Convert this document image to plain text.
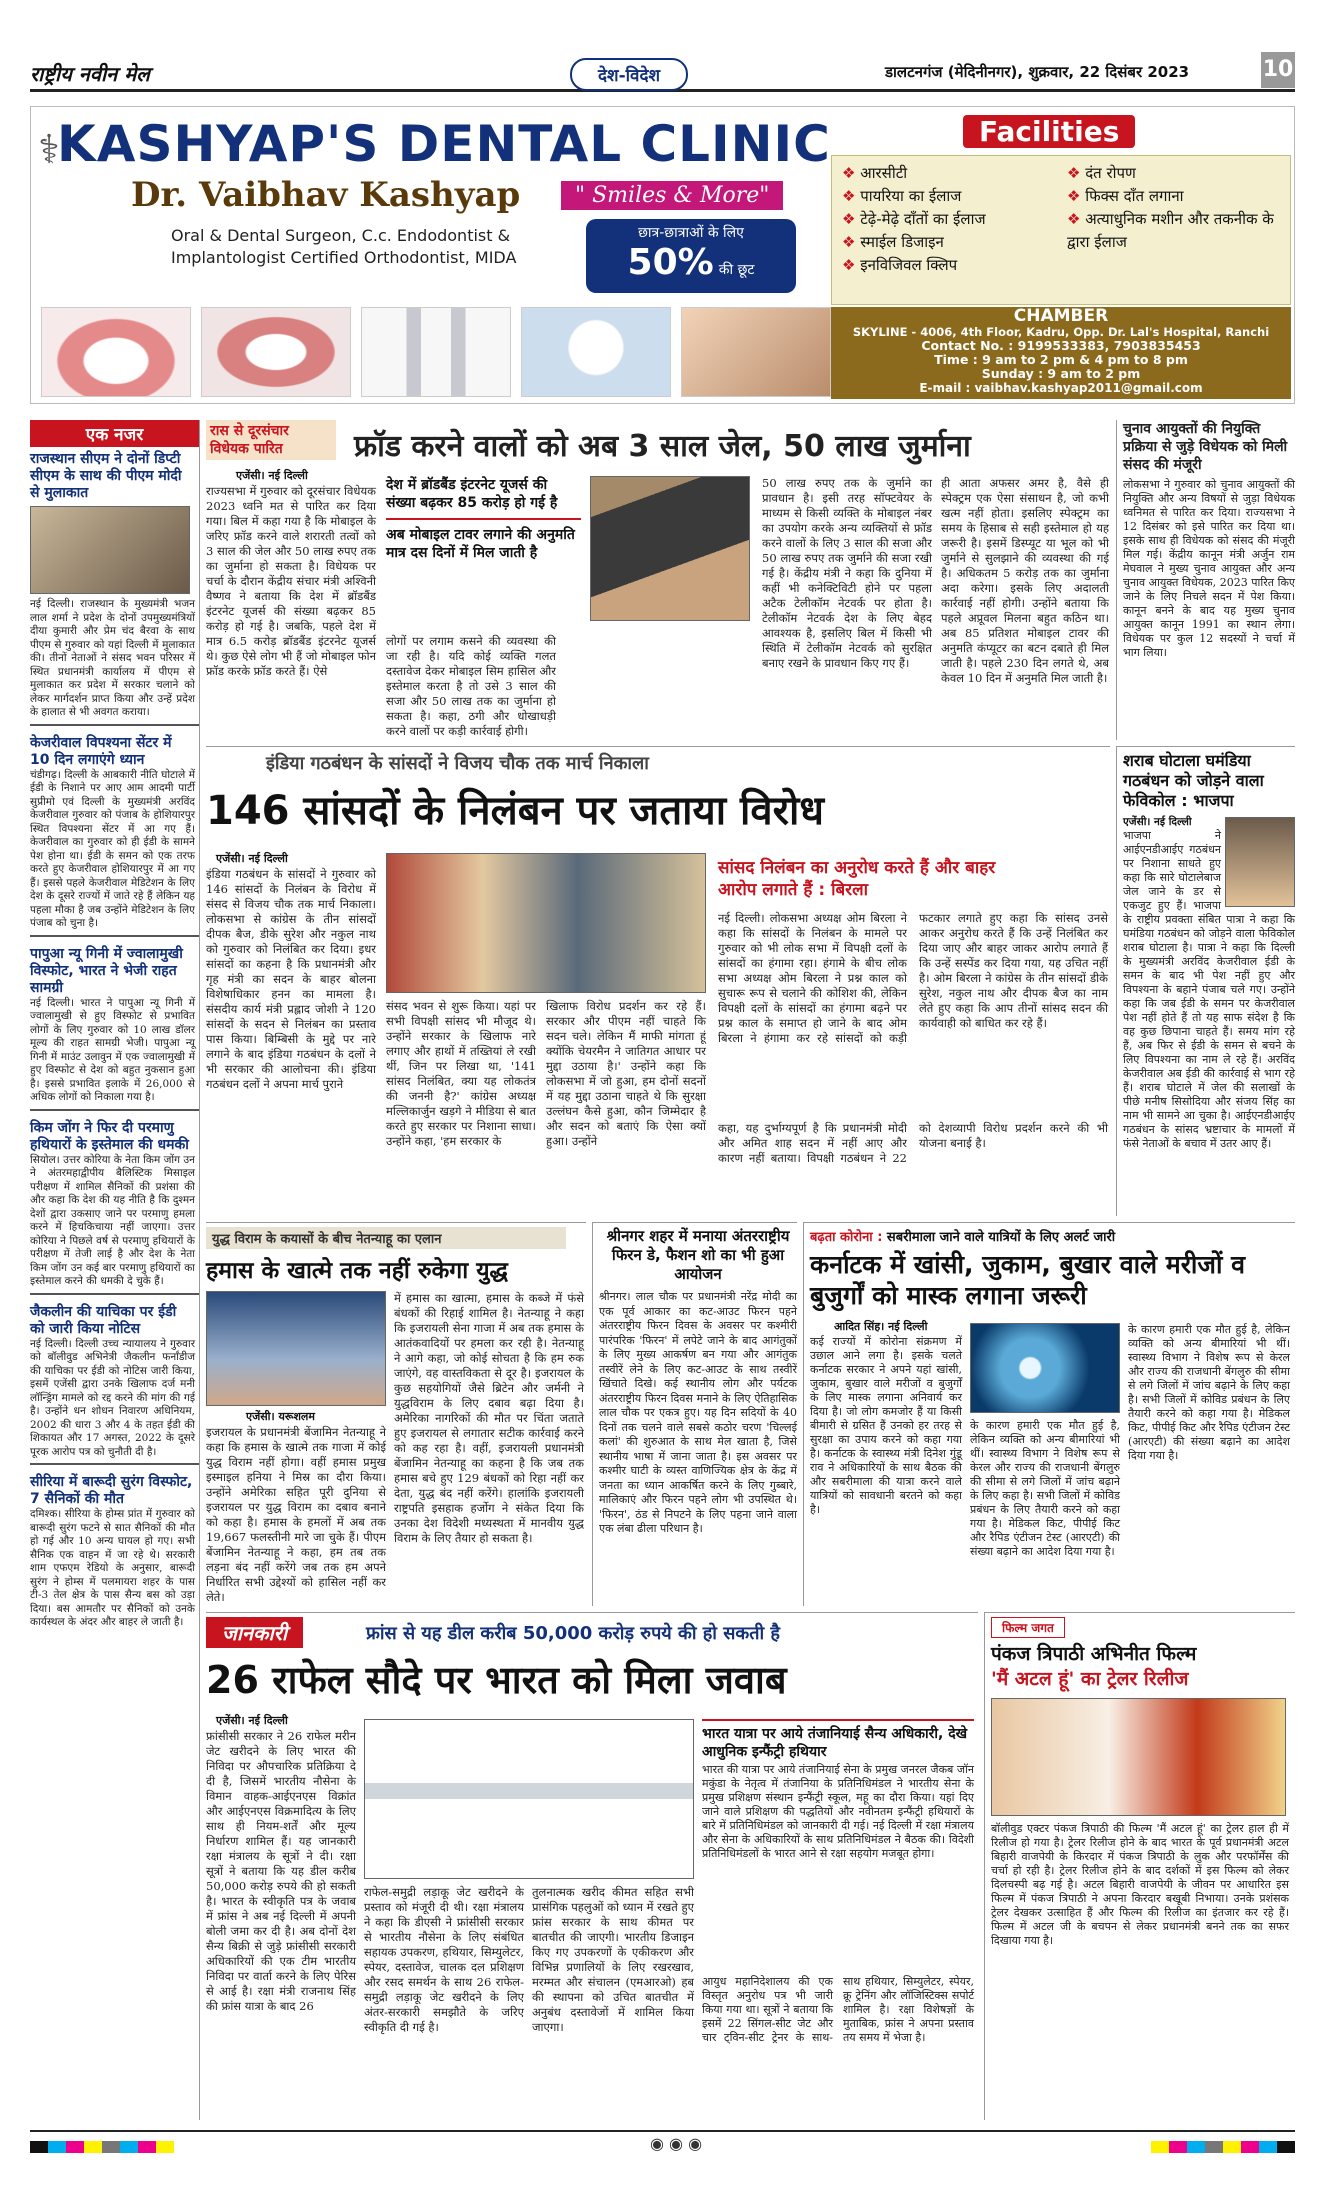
राष्ट्रीय नवीन मेल	देश-विदेश	डालटनगंज (मेदिनीनगर), शुक्रवार, 22 दिसंबर 2023	10
⚕
KASHYAP'S DENTAL CLINIC
Dr. Vaibhav Kashyap	" Smiles & More"
Oral & Dental Surgeon, C.c. Endodontist &
Implantologist Certified Orthodontist, MIDA
छात्र-छात्राओं के लिए
50% की छूट
Facilities
❖ आरसीटी
❖ पायरिया का ईलाज
❖ टेढ़े-मेढ़े दाँतों का ईलाज
❖ स्माईल डिजाइन
❖ इनविजिवल क्लिप
❖ दंत रोपण
❖ फिक्स दाँत लगाना
❖ अत्याधुनिक मशीन और तकनीक के द्वारा ईलाज
CHAMBER
SKYLINE - 4006, 4th Floor, Kadru, Opp. Dr. Lal's Hospital, Ranchi
Contact No. : 9199533383, 7903835453
Time : 9 am to 2 pm & 4 pm to 8 pm
Sunday : 9 am to 2 pm
E-mail : vaibhav.kashyap2011@gmail.com
एक नजर
राजस्थान सीएम ने दोनों डिप्टी सीएम के साथ की पीएम मोदी से मुलाकात
नई दिल्ली। राजस्थान के मुख्यमंत्री भजन लाल शर्मा ने प्रदेश के दोनों उपमुख्यमंत्रियों दीया कुमारी और प्रेम चंद बैरवा के साथ पीएम से गुरुवार को यहां दिल्ली में मुलाकात की। तीनों नेताओं ने संसद भवन परिसर में स्थित प्रधानमंत्री कार्यालय में पीएम से मुलाकात कर प्रदेश में सरकार चलाने को लेकर मार्गदर्शन प्राप्त किया और उन्हें प्रदेश के हालात से भी अवगत कराया।
केजरीवाल विपश्यना सेंटर में 10 दिन लगाएंगे ध्यान
चंडीगढ़। दिल्ली के आबकारी नीति घोटाले में ईडी के निशाने पर आए आम आदमी पार्टी सुप्रीमो एवं दिल्ली के मुख्यमंत्री अरविंद केजरीवाल गुरुवार को पंजाब के होशियारपुर स्थित विपश्यना सेंटर में आ गए हैं। केजरीवाल का गुरुवार को ही ईडी के सामने पेश होना था। ईडी के समन को एक तरफ करते हुए केजरीवाल होशियारपुर में आ गए हैं। इससे पहले केजरीवाल मेडिटेशन के लिए देश के दूसरे राज्यों में जाते रहे हैं लेकिन यह पहला मौका है जब उन्होंने मेडिटेशन के लिए पंजाब को चुना है।
पापुआ न्यू गिनी में ज्वालामुखी विस्फोट, भारत ने भेजी राहत सामग्री
नई दिल्ली। भारत ने पापुआ न्यू गिनी में ज्वालामुखी से हुए विस्फोट से प्रभावित लोगों के लिए गुरुवार को 10 लाख डॉलर मूल्य की राहत सामग्री भेजी। पापुआ न्यू गिनी में माउंट उलावुन में एक ज्वालामुखी में हुए विस्फोट से देश को बहुत नुकसान हुआ है। इससे प्रभावित इलाके में 26,000 से अधिक लोगों को निकाला गया है।
किम जोंग ने फिर दी परमाणु हथियारों के इस्तेमाल की धमकी
सियोल। उत्तर कोरिया के नेता किम जोंग उन ने अंतरमहाद्वीपीय बैलिस्टिक मिसाइल परीक्षण में शामिल सैनिकों की प्रशंसा की और कहा कि देश की यह नीति है कि दुश्मन देशों द्वारा उकसाए जाने पर परमाणु हमला करने में हिचकिचाया नहीं जाएगा। उत्तर कोरिया ने पिछले वर्ष से परमाणु हथियारों के परीक्षण में तेजी लाई है और देश के नेता किम जोंग उन कई बार परमाणु हथियारों का इस्तेमाल करने की धमकी दे चुके हैं।
जैकलीन की याचिका पर ईडी को जारी किया नोटिस
नई दिल्ली। दिल्ली उच्च न्यायालय ने गुरुवार को बॉलीवुड अभिनेत्री जैकलीन फर्नांडीज की याचिका पर ईडी को नोटिस जारी किया, इसमें एजेंसी द्वारा उनके खिलाफ दर्ज मनी लॉन्ड्रिंग मामले को रद्द करने की मांग की गई है। उन्होंने धन शोधन निवारण अधिनियम, 2002 की धारा 3 और 4 के तहत ईडी की शिकायत और 17 अगस्त, 2022 के दूसरे पूरक आरोप पत्र को चुनौती दी है।
सीरिया में बारूदी सुरंग विस्फोट, 7 सैनिकों की मौत
दमिश्क। सीरिया के होम्स प्रांत में गुरुवार को बारूदी सुरंग फटने से सात सैनिकों की मौत हो गई और 10 अन्य घायल हो गए। सभी सैनिक एक वाहन में जा रहे थे। सरकारी शाम एफएम रेडियो के अनुसार, बारूदी सुरंग ने होम्स में पलमायरा शहर के पास टी-3 तेल क्षेत्र के पास सैन्य बस को उड़ा दिया। बस आमतौर पर सैनिकों को उनके कार्यस्थल के अंदर और बाहर ले जाती है।
रास से दूरसंचार विधेयक पारित	फ्रॉड करने वालों को अब 3 साल जेल, 50 लाख जुर्माना
एजेंसी। नई दिल्ली
राज्यसभा में गुरुवार को दूरसंचार विधेयक 2023 ध्वनि मत से पारित कर दिया गया। बिल में कहा गया है कि मोबाइल के जरिए फ्रॉड करने वाले शरारती तत्वों को 3 साल की जेल और 50 लाख रुपए तक का जुर्माना हो सकता है। विधेयक पर चर्चा के दौरान केंद्रीय संचार मंत्री अश्विनी वैष्णव ने बताया कि देश में ब्रॉडबैंड इंटरनेट यूजर्स की संख्या बढ़कर 85 करोड़ हो गई है। जबकि, पहले देश में मात्र 6.5 करोड़ ब्रॉडबैंड इंटरनेट यूजर्स थे। कुछ ऐसे लोग भी हैं जो मोबाइल फोन फ्रॉड करके फ्रॉड करते हैं। ऐसे
देश में ब्रॉडबैंड इंटरनेट यूजर्स की संख्या बढ़कर 85 करोड़ हो गई है
अब मोबाइल टावर लगाने की अनुमति मात्र दस दिनों में मिल जाती है
लोगों पर लगाम कसने की व्यवस्था की जा रही है। यदि कोई व्यक्ति गलत दस्तावेज देकर मोबाइल सिम हासिल और इस्तेमाल करता है तो उसे 3 साल की सजा और 50 लाख तक का जुर्माना हो सकता है। कहा, ठगी और धोखाधड़ी करने वालों पर कड़ी कार्रवाई होगी।
50 लाख रुपए तक के जुर्माने का प्रावधान है। इसी तरह सॉफ्टवेयर के माध्यम से किसी व्यक्ति के मोबाइल नंबर का उपयोग करके अन्य व्यक्तियों से फ्रॉड करने वालों के लिए 3 साल की सजा और 50 लाख रुपए तक जुर्माने की सजा रखी गई है। केंद्रीय मंत्री ने कहा कि दुनिया में कहीं भी कनेक्टिविटी होने पर पहला अटैक टेलीकॉम नेटवर्क पर होता है। टेलीकॉम नेटवर्क देश के लिए बेहद आवश्यक है, इसलिए बिल में किसी भी स्थिति में टेलीकॉम नेटवर्क को सुरक्षित बनाए रखने के प्रावधान किए गए हैं।
ही आता अफसर अमर है, वैसे ही स्पेक्ट्रम एक ऐसा संसाधन है, जो कभी खत्म नहीं होता। इसलिए स्पेक्ट्रम का समय के हिसाब से सही इस्तेमाल हो यह जरूरी है। इसमें डिस्प्यूट या भूल को भी जुर्माने से सुलझाने की व्यवस्था की गई है। अधिकतम 5 करोड़ तक का जुर्माना अदा करेगा। इसके लिए अदालती कार्रवाई नहीं होगी। उन्होंने बताया कि पहले अप्रूवल मिलना बहुत कठिन था। अब 85 प्रतिशत मोबाइल टावर की अनुमति कंप्यूटर का बटन दबाते ही मिल जाती है। पहले 230 दिन लगते थे, अब केवल 10 दिन में अनुमति मिल जाती है।
चुनाव आयुक्तों की नियुक्ति प्रक्रिया से जुड़े विधेयक को मिली संसद की मंजूरी
लोकसभा ने गुरुवार को चुनाव आयुक्तों की नियुक्ति और अन्य विषयों से जुड़ा विधेयक ध्वनिमत से पारित कर दिया। राज्यसभा ने 12 दिसंबर को इसे पारित कर दिया था। इसके साथ ही विधेयक को संसद की मंजूरी मिल गई। केंद्रीय कानून मंत्री अर्जुन राम मेघवाल ने मुख्य चुनाव आयुक्त और अन्य चुनाव आयुक्त विधेयक, 2023 पारित किए जाने के लिए निचले सदन में पेश किया। कानून बनने के बाद यह मुख्य चुनाव आयुक्त कानून 1991 का स्थान लेगा। विधेयक पर कुल 12 सदस्यों ने चर्चा में भाग लिया।
इंडिया गठबंधन के सांसदों ने विजय चौक तक मार्च निकाला
146 सांसदों के निलंबन पर जताया विरोध
एजेंसी। नई दिल्ली
इंडिया गठबंधन के सांसदों ने गुरुवार को 146 सांसदों के निलंबन के विरोध में संसद से विजय चौक तक मार्च निकाला। लोकसभा से कांग्रेस के तीन सांसदों दीपक बैज, डीके सुरेश और नकुल नाथ को गुरुवार को निलंबित कर दिया। इधर सांसदों का कहना है कि प्रधानमंत्री और गृह मंत्री का सदन के बाहर बोलना विशेषाधिकार हनन का मामला है। संसदीय कार्य मंत्री प्रह्लाद जोशी ने 120 सांसदों के सदन से निलंबन का प्रस्ताव पास किया। बिम्बिसी के मुद्दे पर नारे लगाने के बाद इंडिया गठबंधन के दलों ने भी सरकार की आलोचना की। इंडिया गठबंधन दलों ने अपना मार्च पुराने
संसद भवन से शुरू किया। यहां पर सभी विपक्षी सांसद भी मौजूद थे। उन्होंने सरकार के खिलाफ नारे लगाए और हाथों में तख्तियां ले रखी थीं, जिन पर लिखा था, '141 सांसद निलंबित, क्या यह लोकतंत्र की जननी है?' कांग्रेस अध्यक्ष मल्लिकार्जुन खड़गे ने मीडिया से बात करते हुए सरकार पर निशाना साधा। उन्होंने कहा, 'हम सरकार के
खिलाफ विरोध प्रदर्शन कर रहे हैं। सरकार और पीएम नहीं चाहते कि सदन चले। लेकिन मैं माफी मांगता हूं क्योंकि चेयरमैन ने जातिगत आधार पर मुद्दा उठाया है।' उन्होंने कहा कि लोकसभा में जो हुआ, हम दोनों सदनों में यह मुद्दा उठाना चाहते थे कि सुरक्षा उल्लंघन कैसे हुआ, कौन जिम्मेदार है और सदन को बताएं कि ऐसा क्यों हुआ। उन्होंने
सांसद निलंबन का अनुरोध करते हैं और बाहर आरोप लगाते हैं : बिरला
नई दिल्ली। लोकसभा अध्यक्ष ओम बिरला ने कहा कि सांसदों के निलंबन के मामले पर गुरुवार को भी लोक सभा में विपक्षी दलों के सांसदों का हंगामा रहा। हंगामे के बीच लोक सभा अध्यक्ष ओम बिरला ने प्रश्न काल को सुचारू रूप से चलाने की कोशिश की, लेकिन विपक्षी दलों के सांसदों का हंगामा बढ़ने पर प्रश्न काल के समाप्त हो जाने के बाद ओम बिरला ने हंगामा कर रहे सांसदों को कड़ी फटकार लगाते हुए कहा कि सांसद उनसे आकर अनुरोध करते हैं कि उन्हें निलंबित कर दिया जाए और बाहर जाकर आरोप लगाते हैं कि उन्हें सस्पेंड कर दिया गया, यह उचित नहीं है। ओम बिरला ने कांग्रेस के तीन सांसदों डीके सुरेश, नकुल नाथ और दीपक बैज का नाम लेते हुए कहा कि आप तीनों सांसद सदन की कार्यवाही को बाधित कर रहे हैं।
कहा, यह दुर्भाग्यपूर्ण है कि प्रधानमंत्री मोदी और अमित शाह सदन में नहीं आए और कारण नहीं बताया। विपक्षी गठबंधन ने 22 को देशव्यापी विरोध प्रदर्शन करने की भी योजना बनाई है।
शराब घोटाला घमंडिया गठबंधन को जोड़ने वाला फेविकोल : भाजपा
एजेंसी। नई दिल्ली
भाजपा ने आईएनडीआईए गठबंधन पर निशाना साधते हुए कहा कि सारे घोटालेबाज जेल जाने के डर से एकजुट हुए हैं। भाजपा के राष्ट्रीय प्रवक्ता संबित पात्रा ने कहा कि घमंडिया गठबंधन को जोड़ने वाला फेविकोल शराब घोटाला है। पात्रा ने कहा कि दिल्ली के मुख्यमंत्री अरविंद केजरीवाल ईडी के समन के बाद भी पेश नहीं हुए और विपश्यना के बहाने पंजाब चले गए। उन्होंने कहा कि जब ईडी के समन पर केजरीवाल पेश नहीं होते हैं तो यह साफ संदेश है कि वह कुछ छिपाना चाहते हैं। समय मांग रहे हैं, अब फिर से ईडी के समन से बचने के लिए विपश्यना का नाम ले रहे हैं। अरविंद केजरीवाल अब ईडी की कार्रवाई से भाग रहे हैं। शराब घोटाले में जेल की सलाखों के पीछे मनीष सिसोदिया और संजय सिंह का नाम भी सामने आ चुका है। आईएनडीआईए गठबंधन के सांसद भ्रष्टाचार के मामलों में फंसे नेताओं के बचाव में उतर आए हैं।
युद्ध विराम के कयासों के बीच नेतन्याहू का एलान
हमास के खात्मे तक नहीं रुकेगा युद्ध
एजेंसी। यरूशलम
इजरायल के प्रधानमंत्री बेंजामिन नेतन्याहू ने कहा कि हमास के खात्मे तक गाजा में कोई युद्ध विराम नहीं होगा। वहीं हमास प्रमुख इस्माइल हनिया ने मिस्र का दौरा किया। उन्होंने अमेरिका सहित पूरी दुनिया से इजरायल पर युद्ध विराम का दबाव बनाने को कहा है। हमास के हमलों में अब तक 19,667 फलस्तीनी मारे जा चुके हैं। पीएम बेंजामिन नेतन्याहू ने कहा, हम तब तक लड़ना बंद नहीं करेंगे जब तक हम अपने निर्धारित सभी उद्देश्यों को हासिल नहीं कर लेते।
में हमास का खात्मा, हमास के कब्जे में फंसे बंधकों की रिहाई शामिल है। नेतन्याहू ने कहा कि इजरायली सेना गाजा में अब तक हमास के आतंकवादियों पर हमला कर रही है। नेतन्याहू ने आगे कहा, जो कोई सोचता है कि हम रुक जाएंगे, वह वास्तविकता से दूर है। इजरायल के कुछ सहयोगियों जैसे ब्रिटेन और जर्मनी ने युद्धविराम के लिए दबाव बढ़ा दिया है। अमेरिका नागरिकों की मौत पर चिंता जताते हुए इजरायल से लगातार सटीक कार्रवाई करने को कह रहा है। वहीं, इजरायली प्रधानमंत्री बेंजामिन नेतन्याहू का कहना है कि जब तक हमास बचे हुए 129 बंधकों को रिहा नहीं कर देता, युद्ध बंद नहीं करेंगे। हालांकि इजरायली राष्ट्रपति इसहाक हर्जोग ने संकेत दिया कि उनका देश विदेशी मध्यस्थता में मानवीय युद्ध विराम के लिए तैयार हो सकता है।
श्रीनगर शहर में मनाया अंतरराष्ट्रीय फिरन डे, फैशन शो का भी हुआ आयोजन
श्रीनगर। लाल चौक पर प्रधानमंत्री नरेंद्र मोदी का एक पूर्व आकार का कट-आउट फिरन पहने अंतरराष्ट्रीय फिरन दिवस के अवसर पर कश्मीरी पारंपरिक 'फिरन' में लपेटे जाने के बाद आगंतुकों के लिए मुख्य आकर्षण बन गया और आगंतुक तस्वीरें लेने के लिए कट-आउट के साथ तस्वीरें खिंचाते दिखे। कई स्थानीय लोग और पर्यटक अंतरराष्ट्रीय फिरन दिवस मनाने के लिए ऐतिहासिक लाल चौक पर एकत्र हुए। यह दिन सदियों के 40 दिनों तक चलने वाले सबसे कठोर चरण 'चिल्लई कलां' की शुरुआत के साथ मेल खाता है, जिसे स्थानीय भाषा में जाना जाता है। इस अवसर पर कश्मीर घाटी के व्यस्त वाणिज्यिक क्षेत्र के केंद्र में जनता का ध्यान आकर्षित करने के लिए गुब्बारे, मालिकाएं और फिरन पहने लोग भी उपस्थित थे। 'फिरन', ठंड से निपटने के लिए पहना जाने वाला एक लंबा ढीला परिधान है।
बढ़ता कोरोना : सबरीमाला जाने वाले यात्रियों के लिए अलर्ट जारी
कर्नाटक में खांसी, जुकाम, बुखार वाले मरीजों व बुजुर्गों को मास्क लगाना जरूरी
आदित सिंह। नई दिल्ली
कई राज्यों में कोरोना संक्रमण में उछाल आने लगा है। इसके चलते कर्नाटक सरकार ने अपने यहां खांसी, जुकाम, बुखार वाले मरीजों व बुजुर्गों के लिए मास्क लगाना अनिवार्य कर दिया है। जो लोग कमजोर हैं या किसी बीमारी से ग्रसित हैं उनको हर तरह से सुरक्षा का उपाय करने को कहा गया है। कर्नाटक के स्वास्थ्य मंत्री दिनेश गुंडू राव ने अधिकारियों के साथ बैठक की और सबरीमाला की यात्रा करने वाले यात्रियों को सावधानी बरतने को कहा है।
के कारण हमारी एक मौत हुई है, लेकिन व्यक्ति को अन्य बीमारियां भी थीं। स्वास्थ्य विभाग ने विशेष रूप से केरल और राज्य की राजधानी बेंगलुरु की सीमा से लगे जिलों में जांच बढ़ाने के लिए कहा है। सभी जिलों में कोविड प्रबंधन के लिए तैयारी करने को कहा गया है। मेडिकल किट, पीपीई किट और रैपिड एंटीजन टेस्ट (आरएटी) की संख्या बढ़ाने का आदेश दिया गया है।
के कारण हमारी एक मौत हुई है, लेकिन व्यक्ति को अन्य बीमारियां भी थीं। स्वास्थ्य विभाग ने विशेष रूप से केरल और राज्य की राजधानी बेंगलुरु की सीमा से लगे जिलों में जांच बढ़ाने के लिए कहा है। सभी जिलों में कोविड प्रबंधन के लिए तैयारी करने को कहा गया है। मेडिकल किट, पीपीई किट और रैपिड एंटीजन टेस्ट (आरएटी) की संख्या बढ़ाने का आदेश दिया गया है।
जानकारी	फ्रांस से यह डील करीब 50,000 करोड़ रुपये की हो सकती है
26 राफेल सौदे पर भारत को मिला जवाब
एजेंसी। नई दिल्ली
फ्रांसीसी सरकार ने 26 राफेल मरीन जेट खरीदने के लिए भारत की निविदा पर औपचारिक प्रतिक्रिया दे दी है, जिसमें भारतीय नौसेना के विमान वाहक-आईएनएस विक्रांत और आईएनएस विक्रमादित्य के लिए साथ ही नियम-शर्तें और मूल्य निर्धारण शामिल हैं। यह जानकारी रक्षा मंत्रालय के सूत्रों ने दी। रक्षा सूत्रों ने बताया कि यह डील करीब 50,000 करोड़ रुपये की हो सकती है। भारत के स्वीकृति पत्र के जवाब में फ्रांस ने अब नई दिल्ली में अपनी बोली जमा कर दी है। अब दोनों देश सैन्य बिक्री से जुड़े फ्रांसीसी सरकारी अधिकारियों की एक टीम भारतीय निविदा पर वार्ता करने के लिए पेरिस से आई है। रक्षा मंत्री राजनाथ सिंह की फ्रांस यात्रा के बाद 26
राफेल-समुद्री लड़ाकू जेट खरीदने के प्रस्ताव को मंजूरी दी थी। रक्षा मंत्रालय ने कहा कि डीएसी ने फ्रांसीसी सरकार से भारतीय नौसेना के लिए संबंधित सहायक उपकरण, हथियार, सिम्युलेटर, स्पेयर, दस्तावेज, चालक दल प्रशिक्षण और रसद समर्थन के साथ 26 राफेल-समुद्री लड़ाकू जेट खरीदने के लिए अंतर-सरकारी समझौते के जरिए स्वीकृति दी गई है।
तुलनात्मक खरीद कीमत सहित सभी प्रासंगिक पहलुओं को ध्यान में रखते हुए फ्रांस सरकार के साथ कीमत पर बातचीत की जाएगी। भारतीय डिजाइन किए गए उपकरणों के एकीकरण और विभिन्न प्रणालियों के लिए रखरखाव, मरम्मत और संचालन (एमआरओ) हब की स्थापना को उचित बातचीत में अनुबंध दस्तावेजों में शामिल किया जाएगा।
भारत यात्रा पर आये तंजानियाई सैन्य अधिकारी, देखे आधुनिक इन्फैंट्री हथियार
भारत की यात्रा पर आये तंजानियाई सेना के प्रमुख जनरल जैकब जॉन मकुंडा के नेतृत्व में तंजानिया के प्रतिनिधिमंडल ने भारतीय सेना के प्रमुख प्रशिक्षण संस्थान इन्फैंट्री स्कूल, महू का दौरा किया। यहां दिए जाने वाले प्रशिक्षण की पद्धतियों और नवीनतम इन्फैंट्री हथियारों के बारे में प्रतिनिधिमंडल को जानकारी दी गई। नई दिल्ली में रक्षा मंत्रालय और सेना के अधिकारियों के साथ प्रतिनिधिमंडल ने बैठक की। विदेशी प्रतिनिधिमंडलों के भारत आने से रक्षा सहयोग मजबूत होगा।
आयुध महानिदेशालय की एक विस्तृत अनुरोध पत्र भी जारी किया गया था। सूत्रों ने बताया कि इसमें 22 सिंगल-सीट जेट और चार ट्विन-सीट ट्रेनर के साथ-साथ हथियार, सिम्युलेटर, स्पेयर, क्रू ट्रेनिंग और लॉजिस्टिक्स सपोर्ट शामिल है। रक्षा विशेषज्ञों के मुताबिक, फ्रांस ने अपना प्रस्ताव तय समय में भेजा है।
फिल्म जगत
पंकज त्रिपाठी अभिनीत फिल्म
'मैं अटल हूं' का ट्रेलर रिलीज
बॉलीवुड एक्टर पंकज त्रिपाठी की फिल्म 'मैं अटल हूं' का ट्रेलर हाल ही में रिलीज हो गया है। ट्रेलर रिलीज होने के बाद भारत के पूर्व प्रधानमंत्री अटल बिहारी वाजपेयी के किरदार में पंकज त्रिपाठी के लुक और परफॉर्मेंस की चर्चा हो रही है। ट्रेलर रिलीज होने के बाद दर्शकों में इस फिल्म को लेकर दिलचस्पी बढ़ गई है। अटल बिहारी वाजपेयी के जीवन पर आधारित इस फिल्म में पंकज त्रिपाठी ने अपना किरदार बखूबी निभाया। उनके प्रशंसक ट्रेलर देखकर उत्साहित हैं और फिल्म की रिलीज का इंतजार कर रहे हैं। फिल्म में अटल जी के बचपन से लेकर प्रधानमंत्री बनने तक का सफर दिखाया गया है।
◉ ◉ ◉
